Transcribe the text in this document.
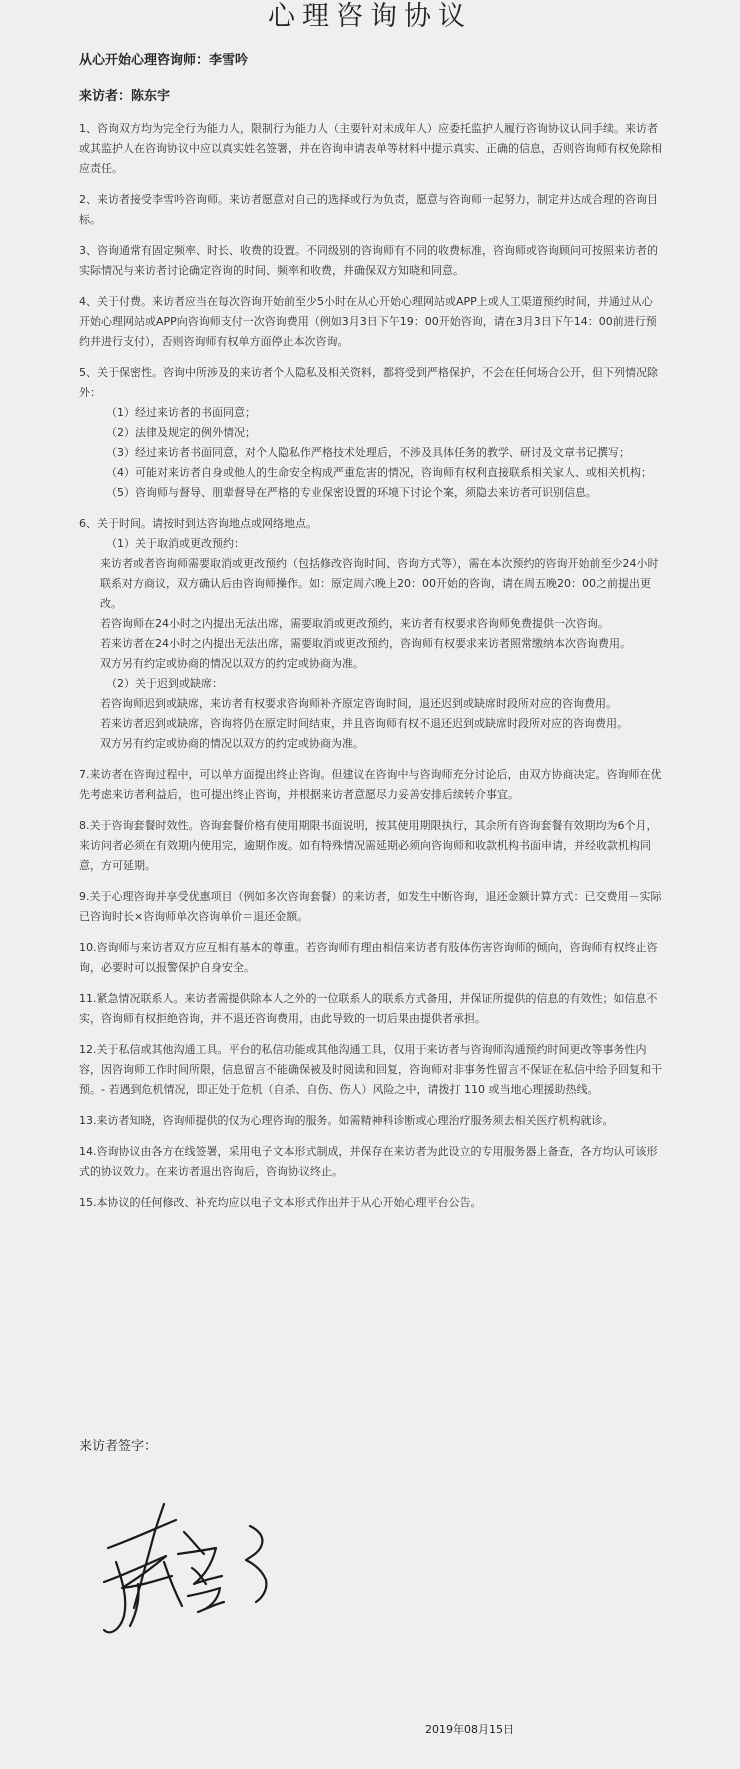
心理咨询协议
从心开始心理咨询师：李雪吟
来访者：陈东宇

1、咨询双方均为完全行为能力人，限制行为能力人（主要针对未成年人）应委托监护人履行咨询协议认同手续。来访者或其监护人在咨询协议中应以真实姓名签署，并在咨询申请表单等材料中提示真实、正确的信息，否则咨询师有权免除相应责任。

2、来访者接受李雪吟咨询师。来访者愿意对自己的选择或行为负责，愿意与咨询师一起努力，制定并达成合理的咨询目标。

3、咨询通常有固定频率、时长、收费的设置。不同级别的咨询师有不同的收费标准，咨询师或咨询顾问可按照来访者的实际情况与来访者讨论确定咨询的时间、频率和收费，并确保双方知晓和同意。

4、关于付费。来访者应当在每次咨询开始前至少5小时在从心开始心理网站或APP上或人工渠道预约时间，并通过从心开始心理网站或APP向咨询师支付一次咨询费用（例如3月3日下午19：00开始咨询，请在3月3日下午14：00前进行预约并进行支付），否则咨询师有权单方面停止本次咨询。

5、关于保密性。咨询中所涉及的来访者个人隐私及相关资料，都将受到严格保护，不会在任何场合公开，但下列情况除外：
（1）经过来访者的书面同意；
（2）法律及规定的例外情况；
（3）经过来访者书面同意，对个人隐私作严格技术处理后，不涉及具体任务的教学、研讨及文章书记撰写；
（4）可能对来访者自身或他人的生命安全构成严重危害的情况，咨询师有权利直接联系相关家人、或相关机构；
（5）咨询师与督导、朋辈督导在严格的专业保密设置的环境下讨论个案，须隐去来访者可识别信息。
6、关于时间。请按时到达咨询地点或网络地点。
（1）关于取消或更改预约：
来访者或者咨询师需要取消或更改预约（包括修改咨询时间、咨询方式等），需在本次预约的咨询开始前至少24小时联系对方商议，双方确认后由咨询师操作。如：原定周六晚上20：00开始的咨询，请在周五晚20：00之前提出更改。
若咨询师在24小时之内提出无法出席，需要取消或更改预约，来访者有权要求咨询师免费提供一次咨询。
若来访者在24小时之内提出无法出席，需要取消或更改预约，咨询师有权要求来访者照常缴纳本次咨询费用。
双方另有约定或协商的情况以双方的约定或协商为准。
（2）关于迟到或缺席：
若咨询师迟到或缺席，来访者有权要求咨询师补齐原定咨询时间，退还迟到或缺席时段所对应的咨询费用。
若来访者迟到或缺席，咨询将仍在原定时间结束，并且咨询师有权不退还迟到或缺席时段所对应的咨询费用。
双方另有约定或协商的情况以双方的约定或协商为准。

7.来访者在咨询过程中，可以单方面提出终止咨询。但建议在咨询中与咨询师充分讨论后，由双方协商决定。咨询师在优先考虑来访者利益后，也可提出终止咨询，并根据来访者意愿尽力妥善安排后续转介事宜。

8.关于咨询套餐时效性。咨询套餐价格有使用期限书面说明，按其使用期限执行，其余所有咨询套餐有效期均为6个月，来访问者必须在有效期内使用完，逾期作废。如有特殊情况需延期必须向咨询师和收款机构书面申请，并经收款机构同意，方可延期。

9.关于心理咨询并享受优惠项目（例如多次咨询套餐）的来访者，如发生中断咨询，退还金额计算方式：已交费用－实际已咨询时长×咨询师单次咨询单价＝退还金额。

10.咨询师与来访者双方应互相有基本的尊重。若咨询师有理由相信来访者有肢体伤害咨询师的倾向，咨询师有权终止咨询，必要时可以报警保护自身安全。

11.紧急情况联系人。来访者需提供除本人之外的一位联系人的联系方式备用，并保证所提供的信息的有效性；如信息不实，咨询师有权拒绝咨询，并不退还咨询费用，由此导致的一切后果由提供者承担。

12.关于私信或其他沟通工具。平台的私信功能或其他沟通工具，仅用于来访者与咨询师沟通预约时间更改等事务性内容，因咨询师工作时间所限，信息留言不能确保被及时阅读和回复，咨询师对非事务性留言不保证在私信中给予回复和干预。- 若遇到危机情况，即正处于危机（自杀、自伤、伤人）风险之中，请拨打 110 或当地心理援助热线。

13.来访者知晓，咨询师提供的仅为心理咨询的服务。如需精神科诊断或心理治疗服务须去相关医疗机构就诊。

14.咨询协议由各方在线签署，采用电子文本形式制成，并保存在来访者为此设立的专用服务器上备查，各方均认可该形式的协议效力。在来访者退出咨询后，咨询协议终止。

15.本协议的任何修改、补充均应以电子文本形式作出并于从心开始心理平台公告。

来访者签字：
2019年08月15日
